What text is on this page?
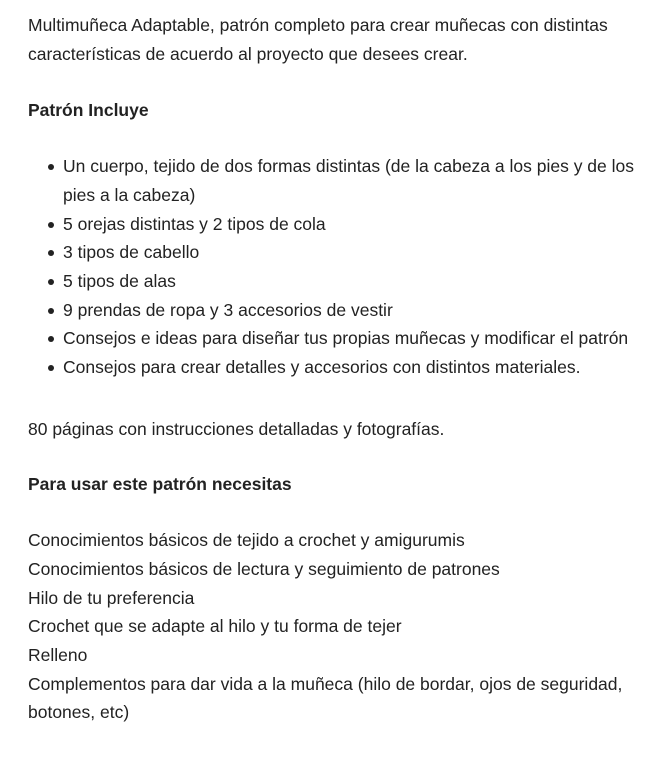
Multimuñeca Adaptable, patrón completo para crear muñecas con distintas características de acuerdo al proyecto que desees crear.

Patrón Incluye

Un cuerpo, tejido de dos formas distintas (de la cabeza a los pies y de los pies a la cabeza)
5 orejas distintas y 2 tipos de cola
3 tipos de cabello
5 tipos de alas
9 prendas de ropa y 3 accesorios de vestir
Consejos e ideas para diseñar tus propias muñecas y modificar el patrón
Consejos para crear detalles y accesorios con distintos materiales.

80 páginas con instrucciones detalladas y fotografías.

Para usar este patrón necesitas

Conocimientos básicos de tejido a crochet y amigurumis

Conocimientos básicos de lectura y seguimiento de patrones

Hilo de tu preferencia

Crochet que se adapte al hilo y tu forma de tejer

Relleno

Complementos para dar vida a la muñeca (hilo de bordar, ojos de seguridad, botones, etc)
